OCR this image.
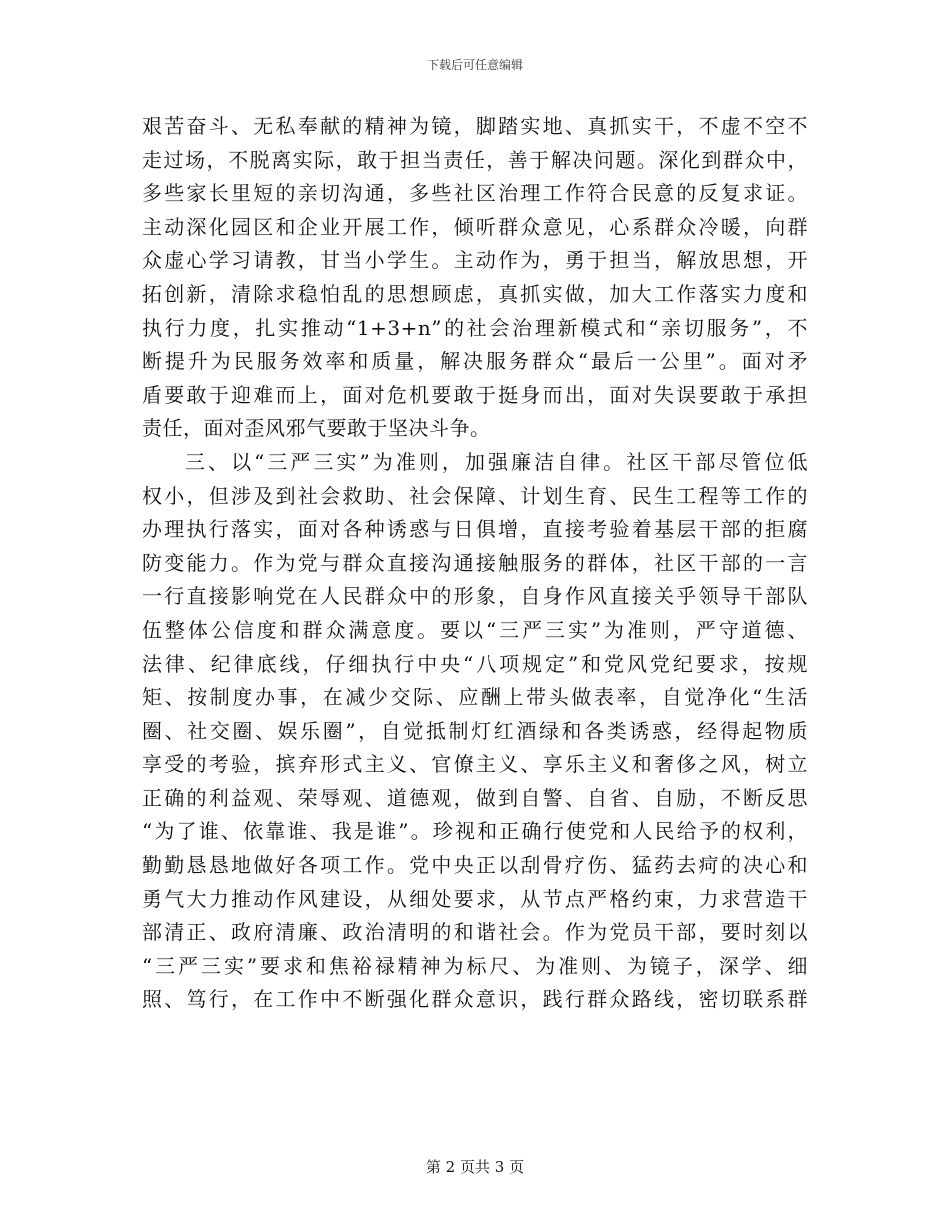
下载后可任意编辑
艰苦奋斗、无私奉献的精神为镜，脚踏实地、真抓实干，不虚不空不
走过场，不脱离实际，敢于担当责任，善于解决问题。深化到群众中，
多些家长里短的亲切沟通，多些社区治理工作符合民意的反复求证。
主动深化园区和企业开展工作，倾听群众意见，心系群众冷暖，向群
众虚心学习请教，甘当小学生。主动作为，勇于担当，解放思想，开
拓创新，清除求稳怕乱的思想顾虑，真抓实做，加大工作落实力度和
执行力度，扎实推动“1+3+n”的社会治理新模式和“亲切服务”，不
断提升为民服务效率和质量，解决服务群众“最后一公里”。面对矛
盾要敢于迎难而上，面对危机要敢于挺身而出，面对失误要敢于承担
责任，面对歪风邪气要敢于坚决斗争。
三、以“三严三实”为准则，加强廉洁自律。社区干部尽管位低
权小，但涉及到社会救助、社会保障、计划生育、民生工程等工作的
办理执行落实，面对各种诱惑与日俱增，直接考验着基层干部的拒腐
防变能力。作为党与群众直接沟通接触服务的群体，社区干部的一言
一行直接影响党在人民群众中的形象，自身作风直接关乎领导干部队
伍整体公信度和群众满意度。要以“三严三实”为准则，严守道德、
法律、纪律底线，仔细执行中央“八项规定”和党风党纪要求，按规
矩、按制度办事，在减少交际、应酬上带头做表率，自觉净化“生活
圈、社交圈、娱乐圈”，自觉抵制灯红酒绿和各类诱惑，经得起物质
享受的考验，摈弃形式主义、官僚主义、享乐主义和奢侈之风，树立
正确的利益观、荣辱观、道德观，做到自警、自省、自励，不断反思
“为了谁、依靠谁、我是谁”。珍视和正确行使党和人民给予的权利，
勤勤恳恳地做好各项工作。党中央正以刮骨疗伤、猛药去疴的决心和
勇气大力推动作风建设，从细处要求，从节点严格约束，力求营造干
部清正、政府清廉、政治清明的和谐社会。作为党员干部，要时刻以
“三严三实”要求和焦裕禄精神为标尺、为准则、为镜子，深学、细
照、笃行，在工作中不断强化群众意识，践行群众路线，密切联系群
第 2 页共 3 页
